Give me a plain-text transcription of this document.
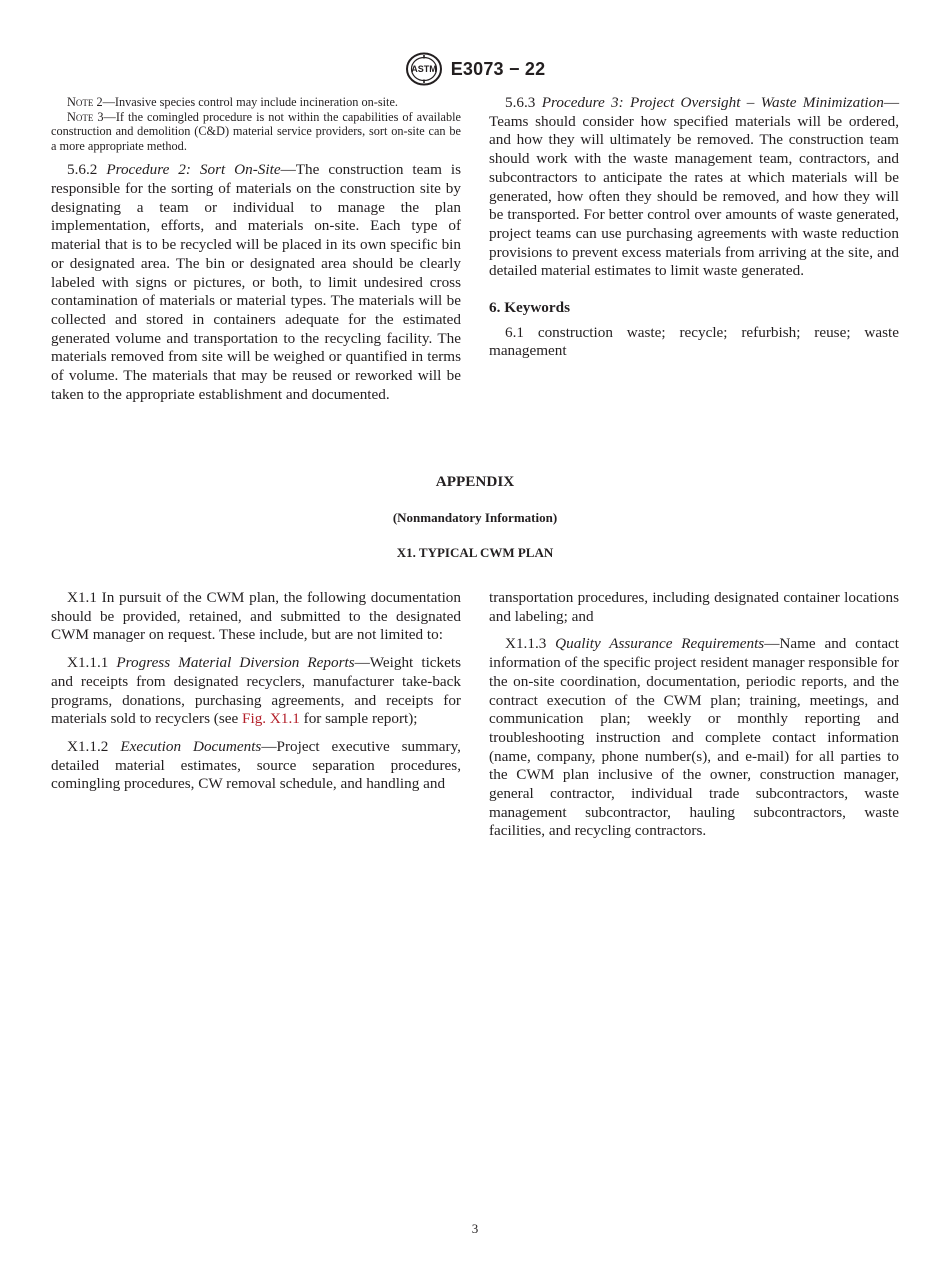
ASTM E3073 − 22

Note 2—Invasive species control may include incineration on-site.

Note 3—If the comingled procedure is not within the capabilities of available construction and demolition (C&D) material service providers, sort on-site can be a more appropriate method.

5.6.2 Procedure 2: Sort On-Site—The construction team is responsible for the sorting of materials on the construction site by designating a team or individual to manage the plan implementation, efforts, and materials on-site. Each type of material that is to be recycled will be placed in its own specific bin or designated area. The bin or designated area should be clearly labeled with signs or pictures, or both, to limit undesired cross contamination of materials or material types. The materials will be collected and stored in containers adequate for the estimated generated volume and transportation to the recycling facility. The materials removed from site will be weighed or quantified in terms of volume. The materials that may be reused or reworked will be taken to the appropriate establishment and documented.

5.6.3 Procedure 3: Project Oversight – Waste Minimization—Teams should consider how specified materials will be ordered, and how they will ultimately be removed. The construction team should work with the waste management team, contractors, and subcontractors to anticipate the rates at which materials will be generated, how often they should be removed, and how they will be transported. For better control over amounts of waste generated, project teams can use purchasing agreements with waste reduction provisions to prevent excess materials from arriving at the site, and detailed material estimates to limit waste generated.

6. Keywords

6.1 construction waste; recycle; refurbish; reuse; waste management

APPENDIX
(Nonmandatory Information)
X1. TYPICAL CWM PLAN

X1.1 In pursuit of the CWM plan, the following documentation should be provided, retained, and submitted to the designated CWM manager on request. These include, but are not limited to:

X1.1.1 Progress Material Diversion Reports—Weight tickets and receipts from designated recyclers, manufacturer take-back programs, donations, purchasing agreements, and receipts for materials sold to recyclers (see Fig. X1.1 for sample report);

X1.1.2 Execution Documents—Project executive summary, detailed material estimates, source separation procedures, comingling procedures, CW removal schedule, and handling and

transportation procedures, including designated container locations and labeling; and

X1.1.3 Quality Assurance Requirements—Name and contact information of the specific project resident manager responsible for the on-site coordination, documentation, periodic reports, and the contract execution of the CWM plan; training, meetings, and communication plan; weekly or monthly reporting and troubleshooting instruction and complete contact information (name, company, phone number(s), and e-mail) for all parties to the CWM plan inclusive of the owner, construction manager, general contractor, individual trade subcontractors, waste management subcontractor, hauling subcontractors, waste facilities, and recycling contractors.

3
